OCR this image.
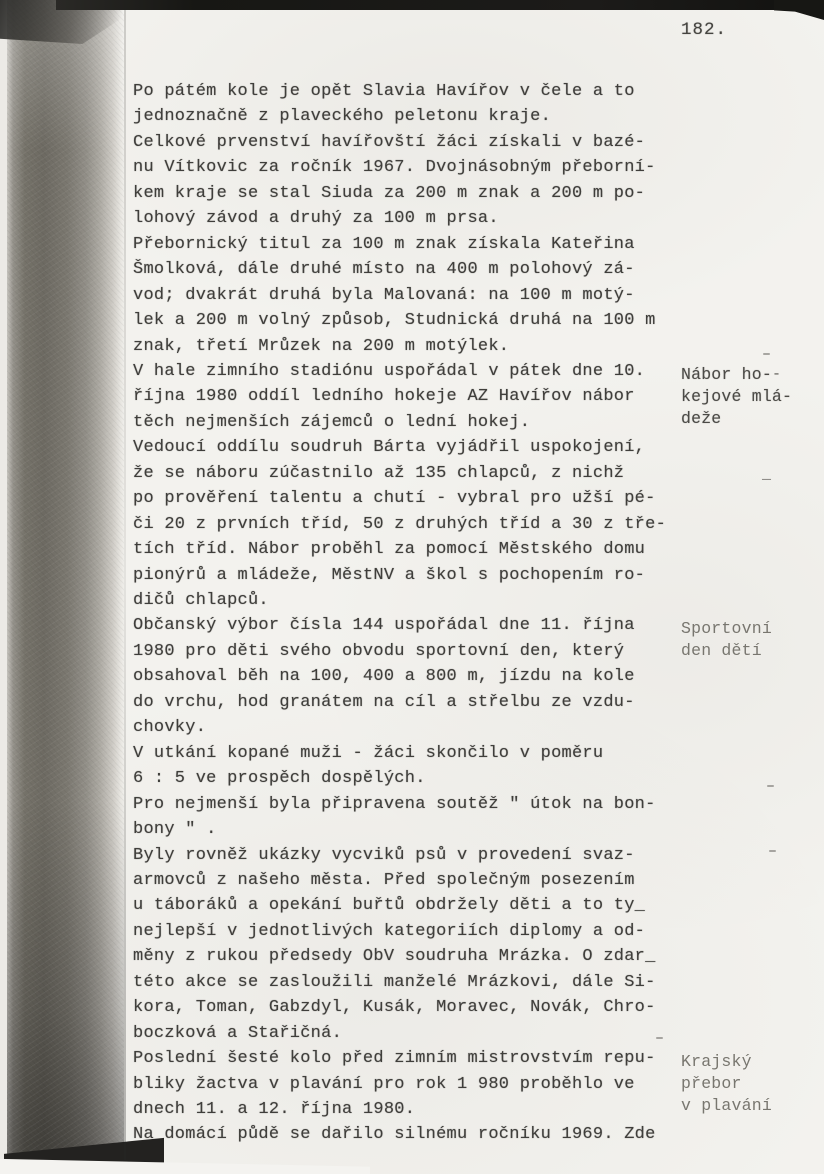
182.
Po pátém kole je opět Slavia Havířov v čele a to
jednoznačně z plaveckého peletonu kraje.
Celkové prvenství havířovští žáci získali v bazé-
nu Vítkovic za ročník 1967. Dvojnásobným přeborní-
kem kraje se stal Siuda za 200 m znak a 200 m po-
lohový závod a druhý za 100 m prsa.
Přebornický titul za 100 m znak získala Kateřina
Šmolková, dále druhé místo na 400 m polohový zá-
vod; dvakrát druhá byla Malovaná: na 100 m motý-
lek a 200 m volný způsob, Studnická druhá na 100 m
znak, třetí Mrůzek na 200 m motýlek.
V hale zimního stadiónu uspořádal v pátek dne 10.
října 1980 oddíl ledního hokeje AZ Havířov nábor
těch nejmenších zájemců o lední hokej.
Vedoucí oddílu soudruh Bárta vyjádřil uspokojení,
že se náboru zúčastnilo až 135 chlapců, z nichž
po prověření talentu a chutí - vybral pro užší pé-
či 20 z prvních tříd, 50 z druhých tříd a 30 z tře-
tích tříd. Nábor proběhl za pomocí Městského domu
pionýrů a mládeže, MěstNV a škol s pochopením ro-
dičů chlapců.
Občanský výbor čísla 144 uspořádal dne 11. října
1980 pro děti svého obvodu sportovní den, který
obsahoval běh na 100, 400 a 800 m, jízdu na kole
do vrchu, hod granátem na cíl a střelbu ze vzdu-
chovky.
V utkání kopané muži - žáci skončilo v poměru
6 : 5 ve prospěch dospělých.
Pro nejmenší byla připravena soutěž " útok na bon-
bony " .
Byly rovněž ukázky vycviků psů v provedení svaz-
armovců z našeho města. Před společným posezením
u táboráků a opekání buřtů obdržely děti a to ty_
nejlepší v jednotlivých kategoriích diplomy a od-
měny z rukou předsedy ObV soudruha Mrázka. O zdar_
této akce se zasloužili manželé Mrázkovi, dále Si-
kora, Toman, Gabzdyl, Kusák, Moravec, Novák, Chro-
boczková a Stařičná.
Poslední šesté kolo před zimním mistrovstvím repu-
bliky žactva v plavání pro rok 1 980 proběhlo ve
dnech 11. a 12. října 1980.
Na domácí půdě se dařilo silnému ročníku 1969. Zde
Nábor ho-
kejové mlá-
deže
Sportovní
den dětí
Krajský
přebor
v plavání
–
-
_
–
–
–
